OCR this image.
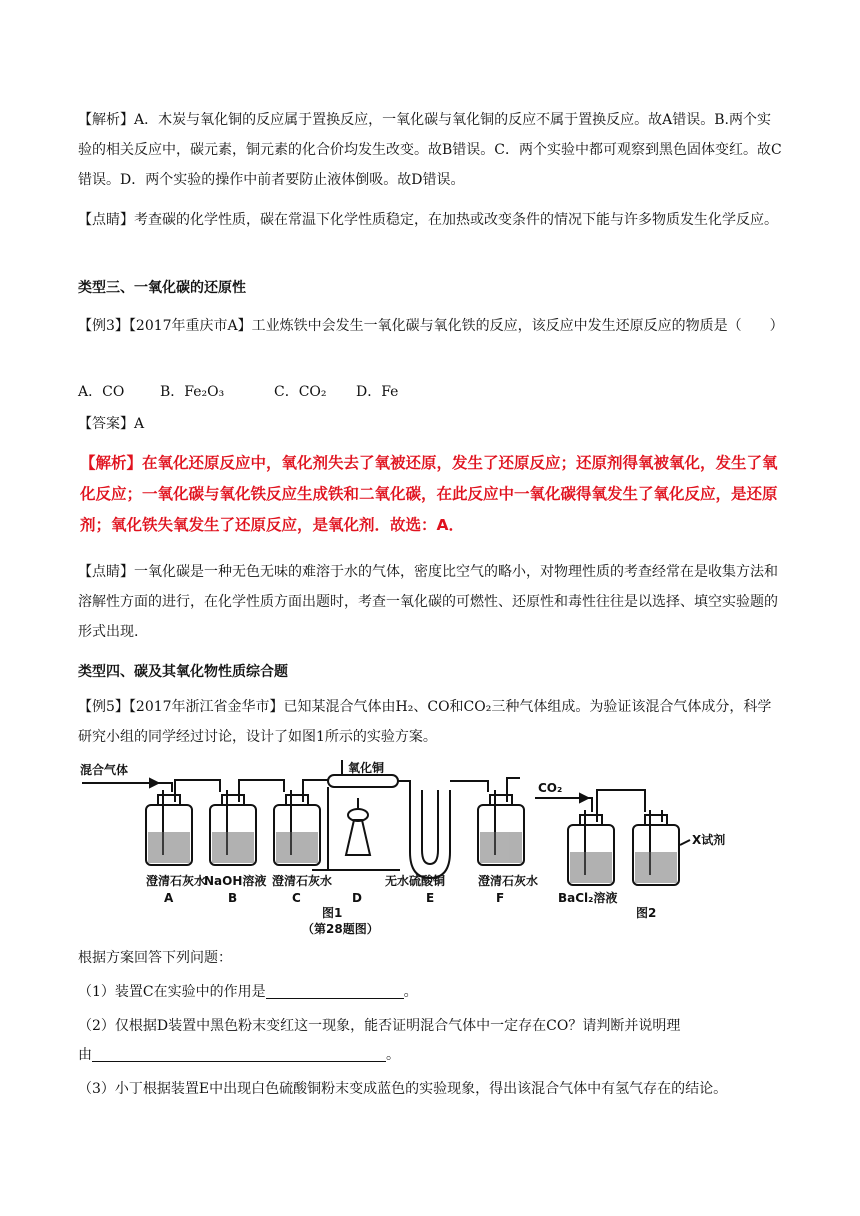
【解析】A．木炭与氧化铜的反应属于置换反应，一氧化碳与氧化铜的反应不属于置换反应。故A错误。B.两个实验的相关反应中，碳元素，铜元素的化合价均发生改变。故B错误。C．两个实验中都可观察到黑色固体变红。故C错误。D．两个实验的操作中前者要防止液体倒吸。故D错误。

【点睛】考查碳的化学性质，碳在常温下化学性质稳定，在加热或改变条件的情况下能与许多物质发生化学反应。

类型三、一氧化碳的还原性

【例3】【2017年重庆市A】工业炼铁中会发生一氧化碳与氧化铁的反应，该反应中发生还原反应的物质是（　　）

A．CO	B．Fe₂O₃	C．CO₂ D．Fe

【答案】A

【解析】在氧化还原反应中，氧化剂失去了氧被还原，发生了还原反应；还原剂得氧被氧化，发生了氧化反应；一氧化碳与氧化铁反应生成铁和二氧化碳，在此反应中一氧化碳得氧发生了氧化反应，是还原剂；氧化铁失氧发生了还原反应，是氧化剂．故选：A．

【点睛】一氧化碳是一种无色无味的难溶于水的气体，密度比空气的略小，对物理性质的考查经常在是收集方法和溶解性方面的进行，在化学性质方面出题时，考查一氧化碳的可燃性、还原性和毒性往往是以选择、填空实验题的形式出现.

类型四、碳及其氧化物性质综合题

【例5】【2017年浙江省金华市】已知某混合气体由H₂、CO和CO₂三种气体组成。为验证该混合气体成分，科学研究小组的同学经过讨论，设计了如图1所示的实验方案。

混合气体	氧化铜
澄清石灰水
NaOH溶液 澄清石灰水	无水硫酸铜	澄清石灰水
A	B	C	D	E	F
图1
（第28题图）
CO₂
X试剂
BaCl₂溶液
图2

根据方案回答下列问题：

（1）装置C在实验中的作用是	。

（2）仅根据D装置中黑色粉末变红这一现象，能否证明混合气体中一定存在CO？请判断并说明理

由	。

（3）小丁根据装置E中出现白色硫酸铜粉末变成蓝色的实验现象，得出该混合气体中有氢气存在的结论。
